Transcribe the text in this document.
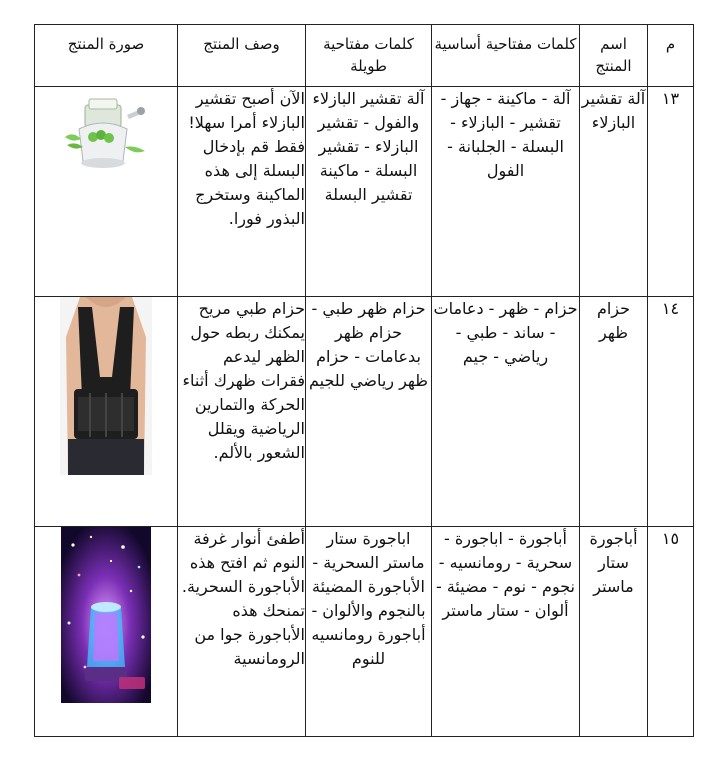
م	اسم المنتج	كلمات مفتاحية أساسية	كلمات مفتاحية طويلة	وصف المنتج	صورة المنتج
١٣	آلة تقشير البازلاء	آلة - ماكينة - جهاز - تقشير - البازلاء - البسلة - الجلبانة - الفول	آلة تقشير البازلاء والفول - تقشير البازلاء - تقشير البسلة - ماكينة تقشير البسلة	الآن أصبح تقشير البازلاء أمرا سهلا! فقط قم بإدخال البسلة إلى هذه الماكينة وستخرج البذور فورا.	

١٤	حزام ظهر	حزام - ظهر - دعامات - ساند - طبي - رياضي - جيم	حزام ظهر طبي - حزام ظهر بدعامات - حزام ظهر رياضي للجيم	حزام طبي مريح يمكنك ربطه حول الظهر ليدعم فقرات ظهرك أثناء الحركة والتمارين الرياضية ويقلل الشعور بالألم.	

١٥	أباجورة ستار ماستر	أباجورة - اباجورة - سحرية - رومانسيه - نجوم - نوم - مضيئة - ألوان - ستار ماستر	اباجورة ستار ماستر السحرية - الأباجورة المضيئة بالنجوم والألوان - أباجورة رومانسيه للنوم	أطفئ أنوار غرفة النوم ثم افتح هذه الأباجورة السحرية. تمنحك هذه الأباجورة جوا من الرومانسية	
